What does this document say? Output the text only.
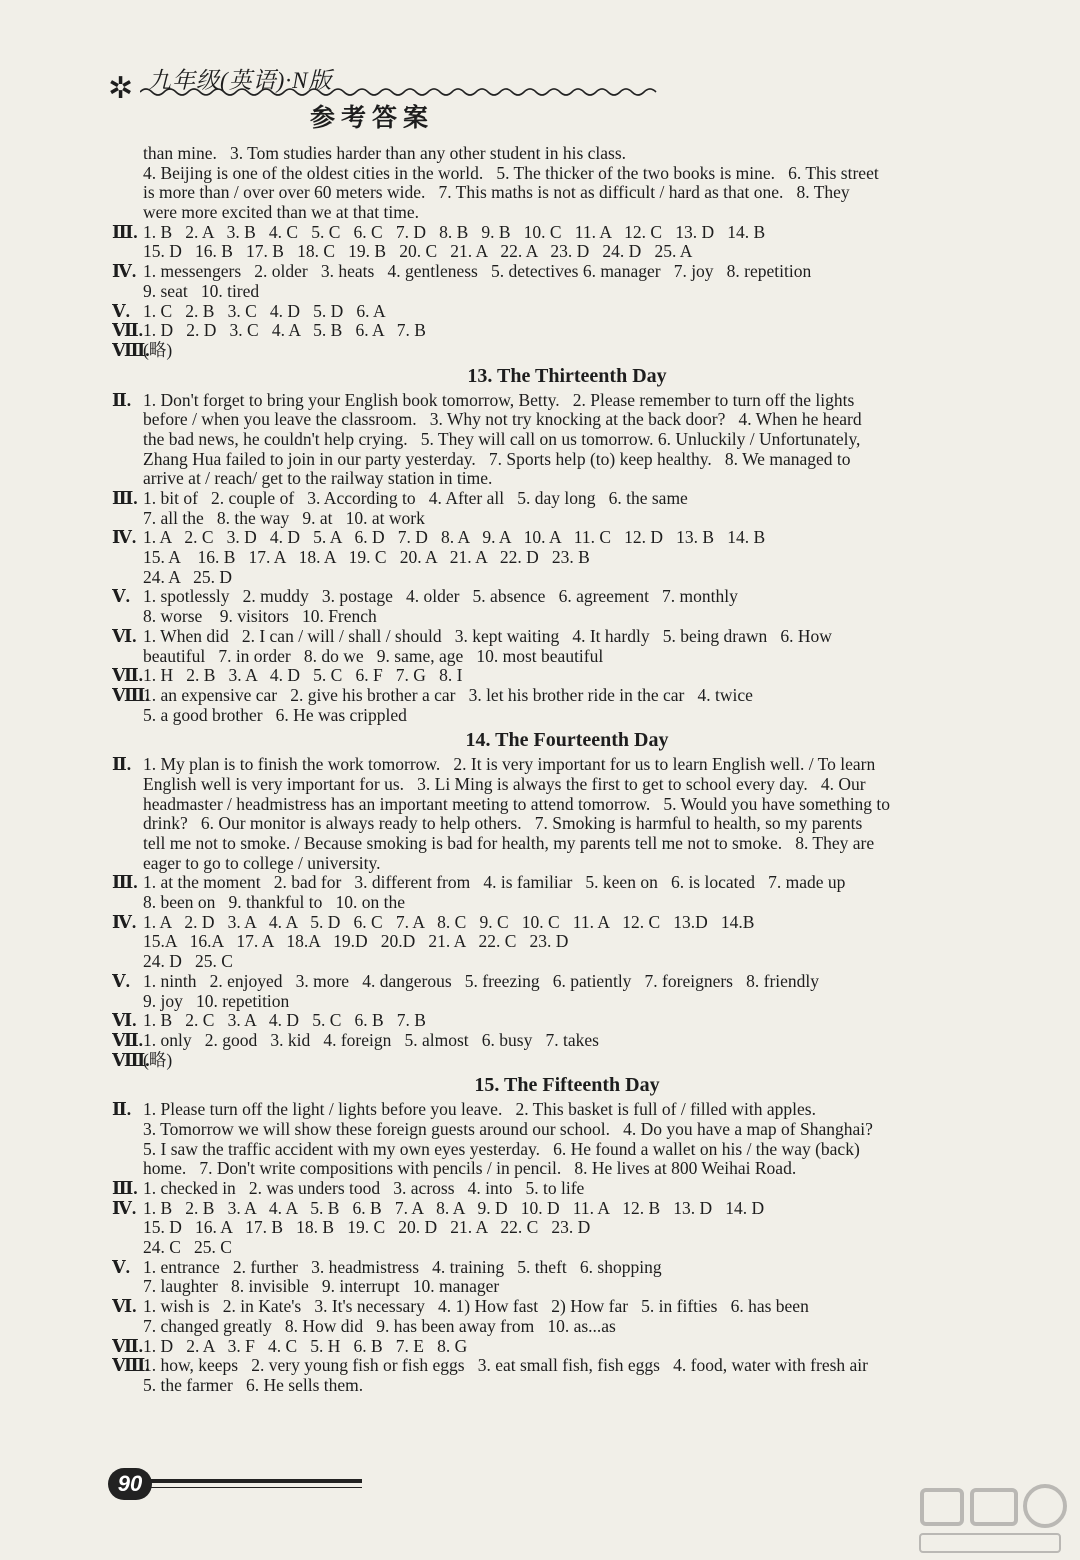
✲ 九年级(英语)·N版
参考答案
than mine.   3. Tom studies harder than any other student in his class.
4. Beijing is one of the oldest cities in the world.   5. The thicker of the two books is mine.   6. This street
is more than / over over 60 meters wide.   7. This maths is not as difficult / hard as that one.   8. They
were more excited than we at that time.
Ⅲ. 1. B   2. A   3. B   4. C   5. C   6. C   7. D   8. B   9. B   10. C   11. A   12. C   13. D   14. B
15. D   16. B   17. B   18. C   19. B   20. C   21. A   22. A   23. D   24. D   25. A
Ⅳ. 1. messengers   2. older   3. heats   4. gentleness   5. detectives 6. manager   7. joy   8. repetition
9. seat   10. tired
Ⅴ. 1. C   2. B   3. C   4. D   5. D   6. A
Ⅶ.1. D   2. D   3. C   4. A   5. B   6. A   7. B
Ⅷ.(略)
13. The Thirteenth Day
Ⅱ. 1. Don't forget to bring your English book tomorrow, Betty.   2. Please remember to turn off the lights
before / when you leave the classroom.   3. Why not try knocking at the back door?   4. When he heard
the bad news, he couldn't help crying.   5. They will call on us tomorrow. 6. Unluckily / Unfortunately,
Zhang Hua failed to join in our party yesterday.   7. Sports help (to) keep healthy.   8. We managed to
arrive at / reach/ get to the railway station in time.
Ⅲ. 1. bit of   2. couple of   3. According to   4. After all   5. day long   6. the same
7. all the   8. the way   9. at   10. at work
Ⅳ. 1. A   2. C   3. D   4. D   5. A   6. D   7. D   8. A   9. A   10. A   11. C   12. D   13. B   14. B
15. A    16. B   17. A   18. A   19. C   20. A   21. A   22. D   23. B
24. A   25. D
Ⅴ. 1. spotlessly   2. muddy   3. postage   4. older   5. absence   6. agreement   7. monthly
8. worse    9. visitors   10. French
Ⅵ. 1. When did   2. I can / will / shall / should   3. kept waiting   4. It hardly   5. being drawn   6. How
beautiful   7. in order   8. do we   9. same, age   10. most beautiful
Ⅶ.1. H   2. B   3. A   4. D   5. C   6. F   7. G   8. I
Ⅷ.1. an expensive car   2. give his brother a car   3. let his brother ride in the car   4. twice
5. a good brother   6. He was crippled
14. The Fourteenth Day
Ⅱ. 1. My plan is to finish the work tomorrow.   2. It is very important for us to learn English well. / To learn
English well is very important for us.   3. Li Ming is always the first to get to school every day.   4. Our
headmaster / headmistress has an important meeting to attend tomorrow.   5. Would you have something to
drink?   6. Our monitor is always ready to help others.   7. Smoking is harmful to health, so my parents
tell me not to smoke. / Because smoking is bad for health, my parents tell me not to smoke.   8. They are
eager to go to college / university.
Ⅲ. 1. at the moment   2. bad for   3. different from   4. is familiar   5. keen on   6. is located   7. made up
8. been on   9. thankful to   10. on the
Ⅳ. 1. A   2. D   3. A   4. A   5. D   6. C   7. A   8. C   9. C   10. C   11. A   12. C   13.D   14.B
15.A   16.A   17. A   18.A   19.D   20.D   21. A   22. C   23. D
24. D   25. C
Ⅴ. 1. ninth   2. enjoyed   3. more   4. dangerous   5. freezing   6. patiently   7. foreigners   8. friendly
9. joy   10. repetition
Ⅵ. 1. B   2. C   3. A   4. D   5. C   6. B   7. B
Ⅶ.1. only   2. good   3. kid   4. foreign   5. almost   6. busy   7. takes
Ⅷ.(略)
15. The Fifteenth Day
Ⅱ. 1. Please turn off the light / lights before you leave.   2. This basket is full of / filled with apples.
3. Tomorrow we will show these foreign guests around our school.   4. Do you have a map of Shanghai?
5. I saw the traffic accident with my own eyes yesterday.   6. He found a wallet on his / the way (back)
home.   7. Don't write compositions with pencils / in pencil.   8. He lives at 800 Weihai Road.
Ⅲ. 1. checked in   2. was unders tood   3. across   4. into   5. to life
Ⅳ. 1. B   2. B   3. A   4. A   5. B   6. B   7. A   8. A   9. D   10. D   11. A   12. B   13. D   14. D
15. D   16. A   17. B   18. B   19. C   20. D   21. A   22. C   23. D
24. C   25. C
Ⅴ. 1. entrance   2. further   3. headmistress   4. training   5. theft   6. shopping
7. laughter   8. invisible   9. interrupt   10. manager
Ⅵ. 1. wish is   2. in Kate's   3. It's necessary   4. 1) How fast   2) How far   5. in fifties   6. has been
7. changed greatly   8. How did   9. has been away from   10. as...as
Ⅶ.1. D   2. A   3. F   4. C   5. H   6. B   7. E   8. G
Ⅷ.1. how, keeps   2. very young fish or fish eggs   3. eat small fish, fish eggs   4. food, water with fresh air
5. the farmer   6. He sells them.
90
